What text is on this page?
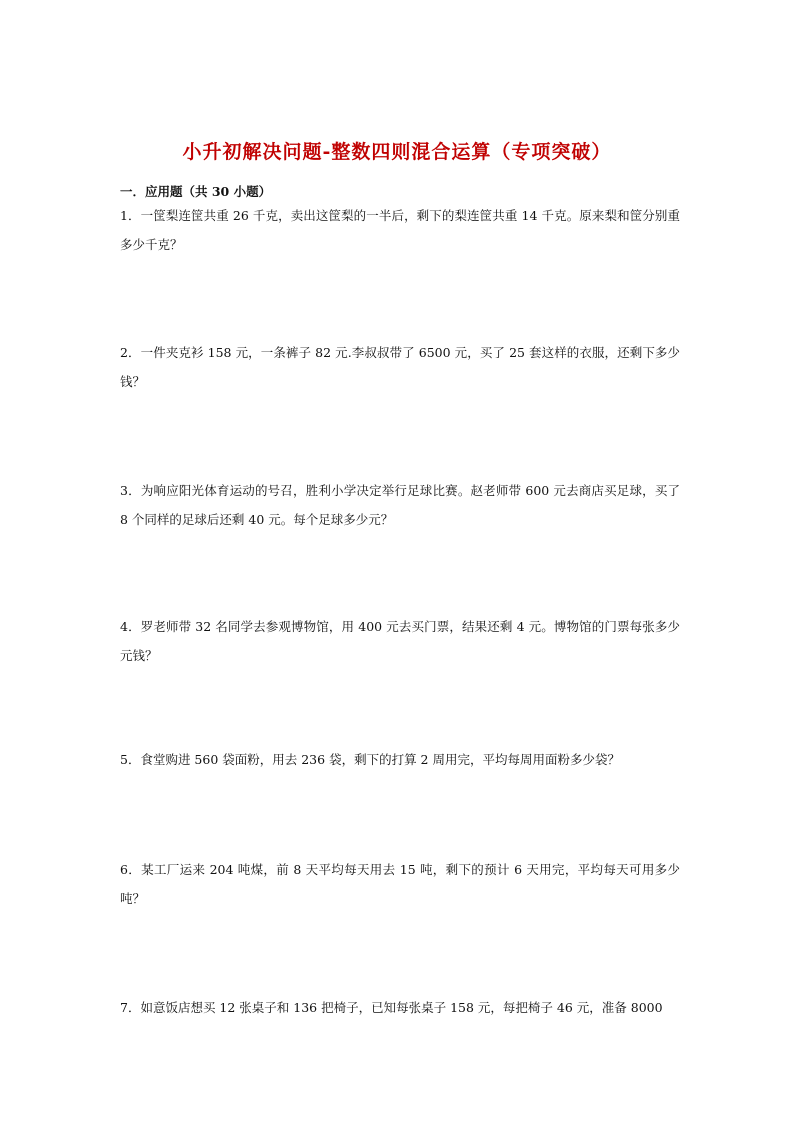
小升初解决问题-整数四则混合运算（专项突破）
一．应用题（共 30 小题）
1．一筐梨连筐共重 26 千克，卖出这筐梨的一半后，剩下的梨连筐共重 14 千克。原来梨和筐分别重多少千克？
2．一件夹克衫 158 元，一条裤子 82 元.李叔叔带了 6500 元，买了 25 套这样的衣服，还剩下多少钱？
3．为响应阳光体育运动的号召，胜利小学决定举行足球比赛。赵老师带 600 元去商店买足球，买了 8 个同样的足球后还剩 40 元。每个足球多少元？
4．罗老师带 32 名同学去参观博物馆，用 400 元去买门票，结果还剩 4 元。博物馆的门票每张多少元钱？
5．食堂购进 560 袋面粉，用去 236 袋，剩下的打算 2 周用完，平均每周用面粉多少袋？
6．某工厂运来 204 吨煤，前 8 天平均每天用去 15 吨，剩下的预计 6 天用完，平均每天可用多少吨？
7．如意饭店想买 12 张桌子和 136 把椅子，已知每张桌子 158 元，每把椅子 46 元，准备 8000
